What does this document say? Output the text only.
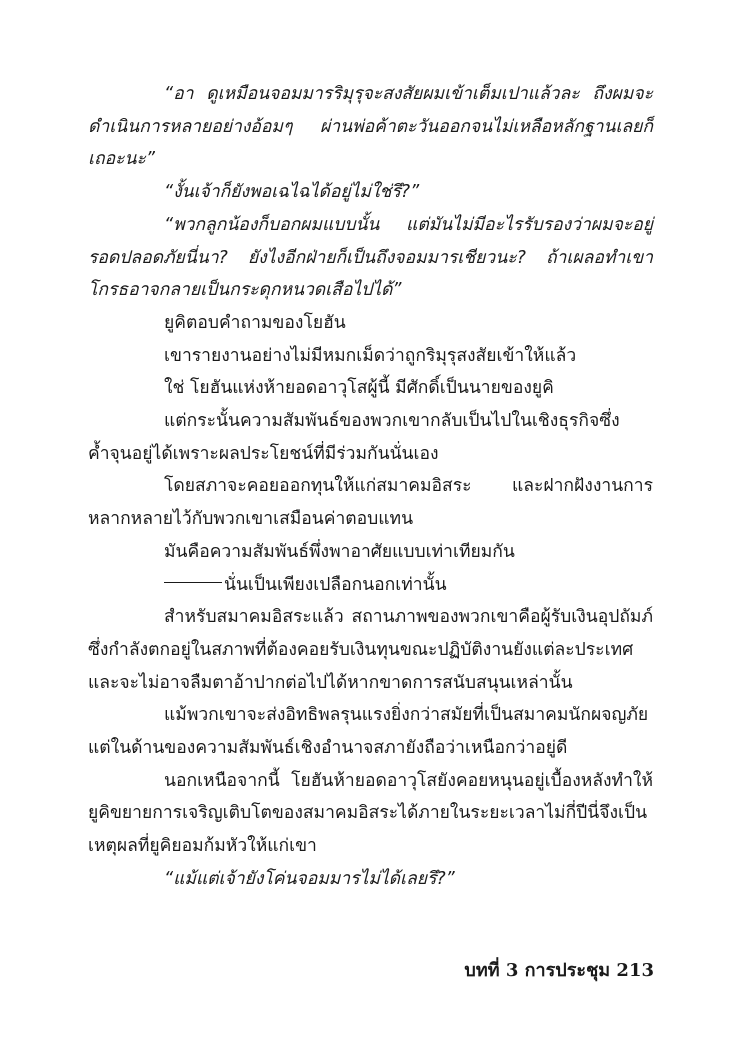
“อา ดูเหมือนจอมมารริมุรุจะสงสัยผมเข้าเต็มเปาแล้วละ ถึงผมจะดำเนินการหลายอย่างอ้อมๆ ผ่านพ่อค้าตะวันออกจนไม่เหลือหลักฐานเลยก็เถอะนะ”

“งั้นเจ้าก็ยังพอเฉไฉได้อยู่ไม่ใช่รึ?”

“พวกลูกน้องก็บอกผมแบบนั้น แต่มันไม่มีอะไรรับรองว่าผมจะอยู่รอดปลอดภัยนี่นา? ยังไงอีกฝ่ายก็เป็นถึงจอมมารเชียวนะ? ถ้าเผลอทำเขาโกรธอาจกลายเป็นกระดุกหนวดเสือไปได้”

ยูคิตอบคำถามของโยฮัน

เขารายงานอย่างไม่มีหมกเม็ดว่าถูกริมุรุสงสัยเข้าให้แล้ว

ใช่ โยฮันแห่งห้ายอดอาวุโสผู้นี้ มีศักดิ์เป็นนายของยูคิ

แต่กระนั้นความสัมพันธ์ของพวกเขากลับเป็นไปในเชิงธุรกิจซึ่งค้ำจุนอยู่ได้เพราะผลประโยชน์ที่มีร่วมกันนั่นเอง

โดยสภาจะคอยออกทุนให้แก่สมาคมอิสระ และฝากฝังงานการหลากหลายไว้กับพวกเขาเสมือนค่าตอบแทน

มันคือความสัมพันธ์พึ่งพาอาศัยแบบเท่าเทียมกัน

นั่นเป็นเพียงเปลือกนอกเท่านั้น

สำหรับสมาคมอิสระแล้ว สถานภาพของพวกเขาคือผู้รับเงินอุปถัมภ์ ซึ่งกำลังตกอยู่ในสภาพที่ต้องคอยรับเงินทุนขณะปฏิบัติงานยังแต่ละประเทศ และจะไม่อาจลืมตาอ้าปากต่อไปได้หากขาดการสนับสนุนเหล่านั้น

แม้พวกเขาจะส่งอิทธิพลรุนแรงยิ่งกว่าสมัยที่เป็นสมาคมนักผจญภัย แต่ในด้านของความสัมพันธ์เชิงอำนาจสภายังถือว่าเหนือกว่าอยู่ดี

นอกเหนือจากนี้ โยฮันห้ายอดอาวุโสยังคอยหนุนอยู่เบื้องหลังทำให้ยูคิขยายการเจริญเติบโตของสมาคมอิสระได้ภายในระยะเวลาไม่กี่ปีนี่จึงเป็นเหตุผลที่ยูคิยอมก้มหัวให้แก่เขา

“แม้แต่เจ้ายังโค่นจอมมารไม่ได้เลยรึ?”

บทที่ 3 การประชุม 213
